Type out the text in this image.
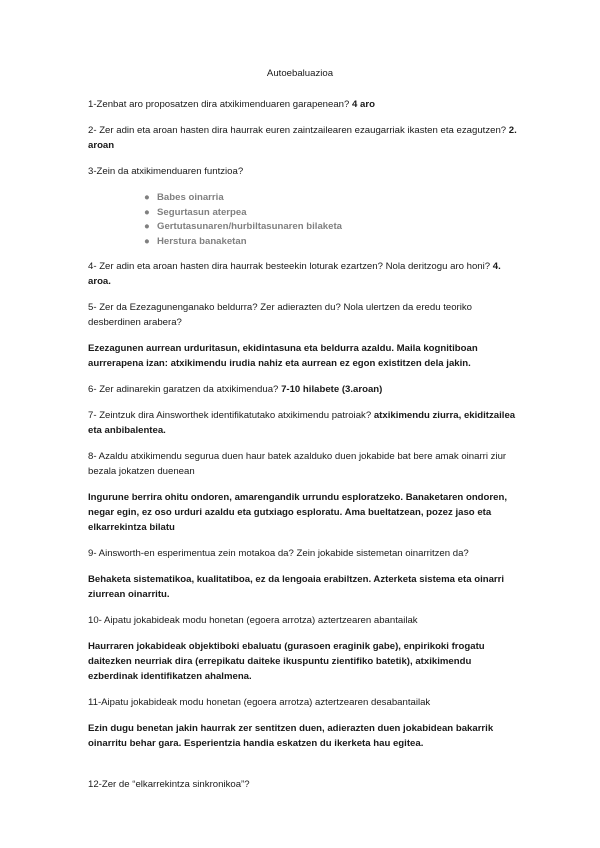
Autoebaluazioa
1-Zenbat aro proposatzen dira atxikimenduaren garapenean? 4 aro
2- Zer adin eta aroan hasten dira haurrak euren zaintzailearen ezaugarriak ikasten eta ezagutzen? 2. aroan
3-Zein da atxikimenduaren funtzioa?
● Babes oinarria
● Segurtasun aterpea
● Gertutasunaren/hurbiltasunaren bilaketa
● Herstura banaketan
4- Zer adin eta aroan hasten dira haurrak besteekin loturak ezartzen? Nola deritzogu aro honi? 4. aroa.
5- Zer da Ezezagunenganako beldurra? Zer adierazten du? Nola ulertzen da eredu teoriko desberdinen arabera?
Ezezagunen aurrean urduritasun, ekidintasuna eta beldurra azaldu. Maila kognitiboan aurrerapena izan: atxikimendu irudia nahiz eta aurrean ez egon existitzen dela jakin.
6- Zer adinarekin garatzen da atxikimendua? 7-10 hilabete (3.aroan)
7- Zeintzuk dira Ainsworthek identifikatutako atxikimendu patroiak? atxikimendu ziurra, ekiditzailea eta anbibalentea.
8- Azaldu atxikimendu segurua duen haur batek azalduko duen jokabide bat bere amak oinarri ziur bezala jokatzen duenean
Ingurune berrira ohitu ondoren, amarengandik urrundu esploratzeko. Banaketaren ondoren, negar egin, ez oso urduri azaldu eta gutxiago esploratu. Ama bueltatzean, pozez jaso eta elkarrekintza bilatu
9- Ainsworth-en esperimentua zein motakoa da? Zein jokabide sistemetan oinarritzen da?
Behaketa sistematikoa, kualitatiboa, ez da lengoaia erabiltzen. Azterketa sistema eta oinarri ziurrean oinarritu.
10- Aipatu jokabideak modu honetan (egoera arrotza) aztertzearen abantailak
Haurraren jokabideak objektiboki ebaluatu (gurasoen eraginik gabe), enpirikoki frogatu daitezken neurriak dira (errepikatu daiteke ikuspuntu zientifiko batetik), atxikimendu ezberdinak identifikatzen ahalmena.
11-Aipatu jokabideak modu honetan (egoera arrotza) aztertzearen desabantailak
Ezin dugu benetan jakin haurrak zer sentitzen duen, adierazten duen jokabidean bakarrik oinarritu behar gara. Esperientzia handia eskatzen du ikerketa hau egitea.
12-Zer de “elkarrekintza sinkronikoa”?
